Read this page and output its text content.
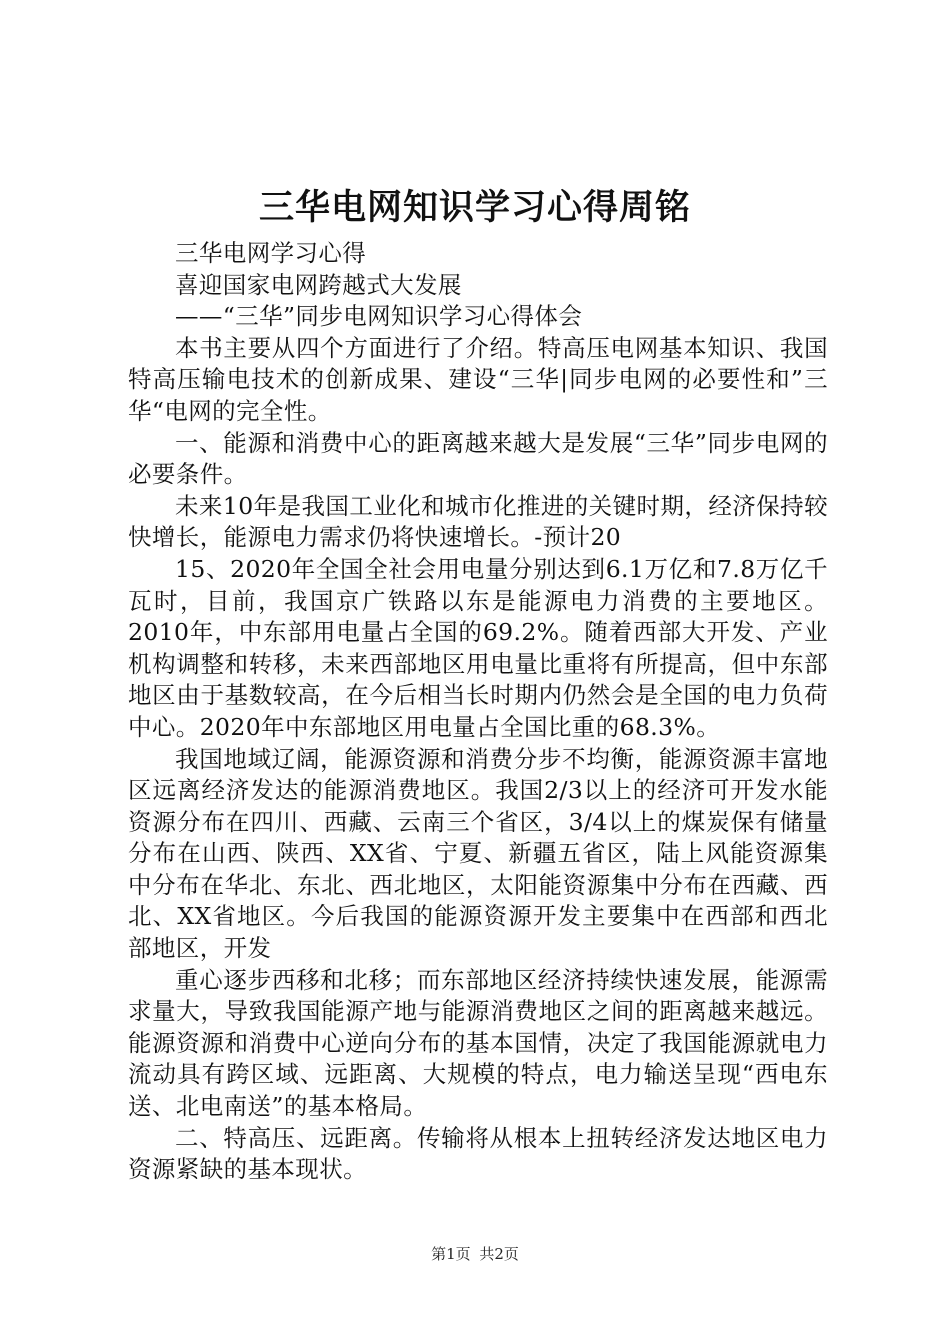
三华电网知识学习心得周铭

三华电网学习心得

喜迎国家电网跨越式大发展

——“三华”同步电网知识学习心得体会

本书主要从四个方面进行了介绍。特高压电网基本知识、我国特高压输电技术的创新成果、建设“三华|同步电网的必要性和”三华“电网的完全性。

一、能源和消费中心的距离越来越大是发展“三华”同步电网的必要条件。

未来10年是我国工业化和城市化推进的关键时期，经济保持较快增长，能源电力需求仍将快速增长。-预计20

15、2020年全国全社会用电量分别达到6.1万亿和7.8万亿千瓦时，目前，我国京广铁路以东是能源电力消费的主要地区。2010年，中东部用电量占全国的69.2%。随着西部大开发、产业机构调整和转移，未来西部地区用电量比重将有所提高，但中东部地区由于基数较高，在今后相当长时期内仍然会是全国的电力负荷中心。2020年中东部地区用电量占全国比重的68.3%。

我国地域辽阔，能源资源和消费分步不均衡，能源资源丰富地区远离经济发达的能源消费地区。我国2/3以上的经济可开发水能资源分布在四川、西藏、云南三个省区，3/4以上的煤炭保有储量分布在山西、陕西、XX省、宁夏、新疆五省区，陆上风能资源集中分布在华北、东北、西北地区，太阳能资源集中分布在西藏、西北、XX省地区。今后我国的能源资源开发主要集中在西部和西北部地区，开发

重心逐步西移和北移；而东部地区经济持续快速发展，能源需求量大，导致我国能源产地与能源消费地区之间的距离越来越远。能源资源和消费中心逆向分布的基本国情，决定了我国能源就电力流动具有跨区域、远距离、大规模的特点，电力输送呈现“西电东送、北电南送”的基本格局。

二、特高压、远距离。传输将从根本上扭转经济发达地区电力资源紧缺的基本现状。

第1页 共2页
